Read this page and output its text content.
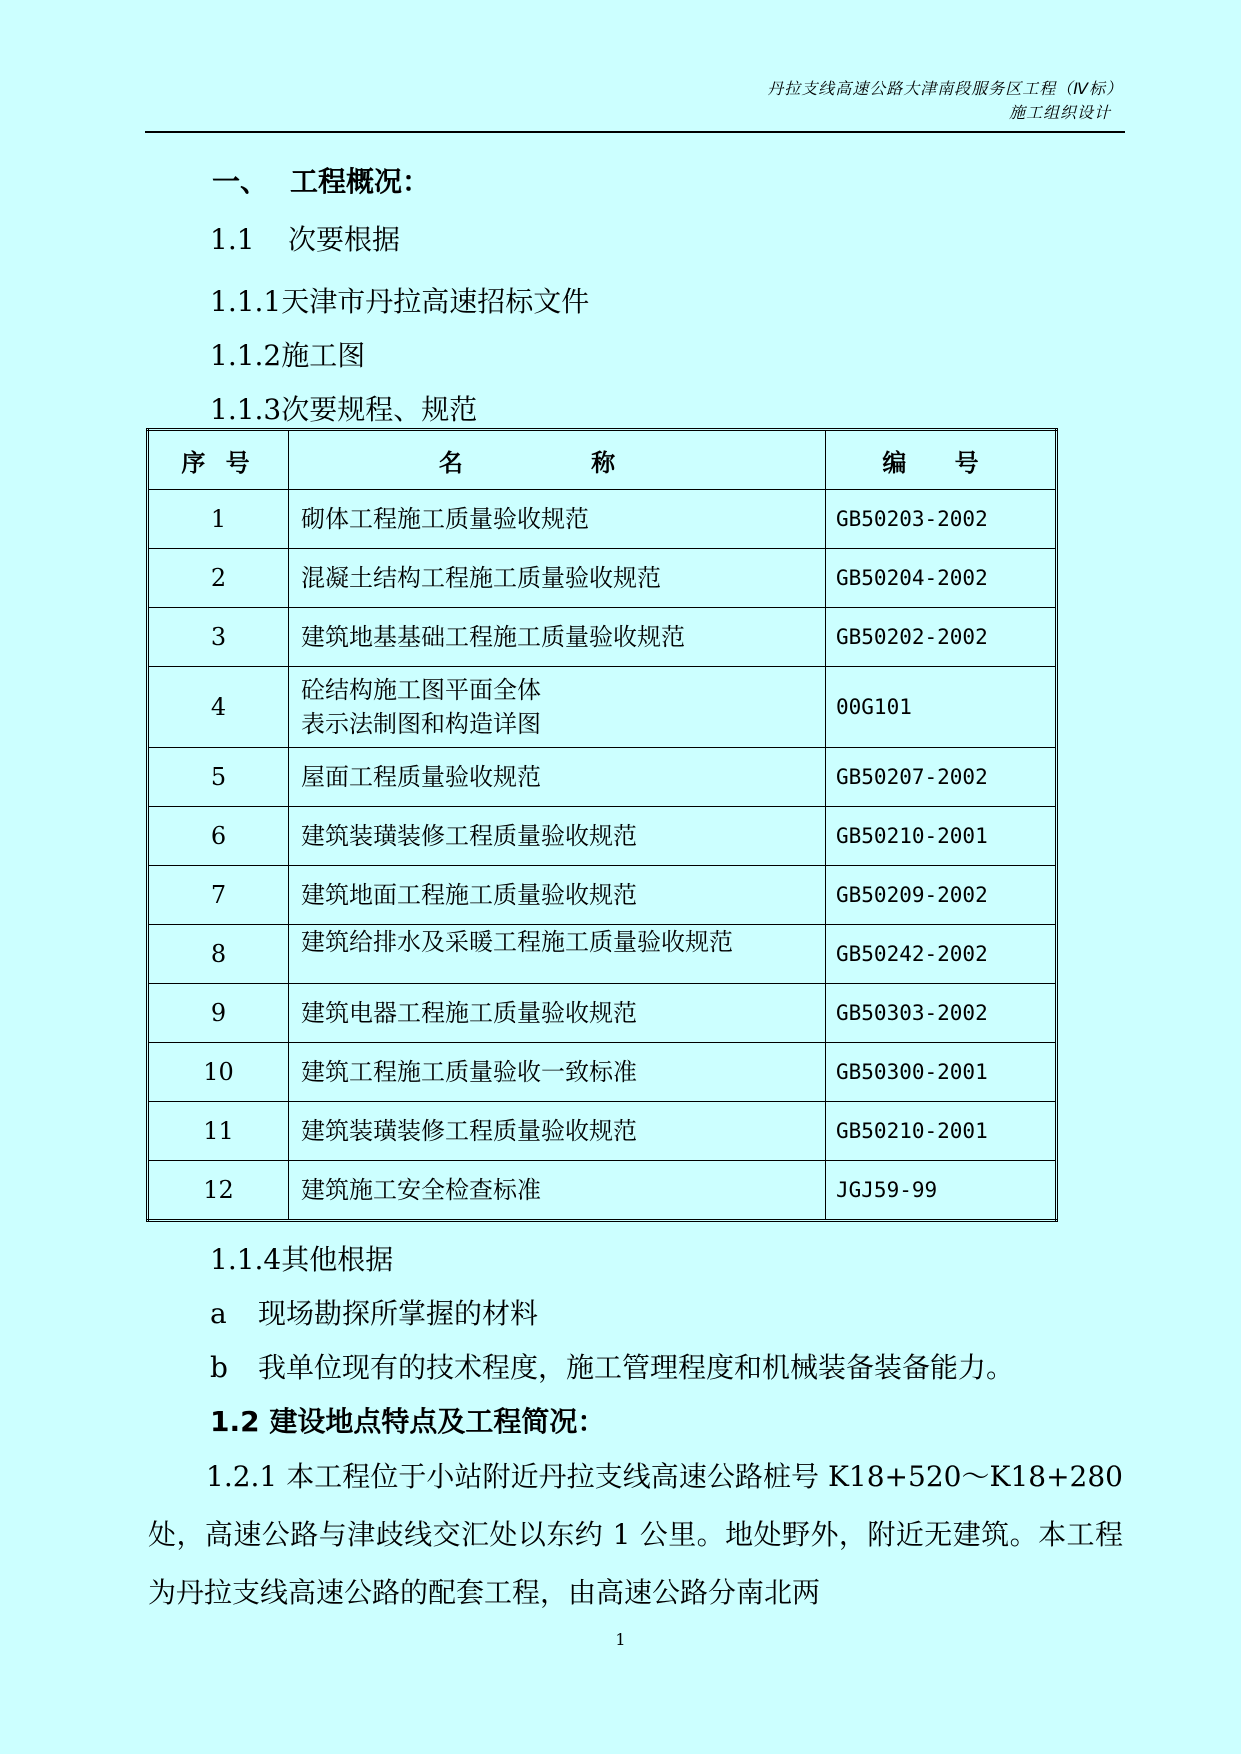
丹拉支线高速公路大津南段服务区工程（Ⅳ标）
施工组织设计
一、 工程概况：
1.1 次要根据
1.1.1天津市丹拉高速招标文件
1.1.2施工图
1.1.3次要规程、规范
序 号	名 称	编 号
1	砌体工程施工质量验收规范	GB50203-2002
2	混凝土结构工程施工质量验收规范	GB50204-2002
3	建筑地基基础工程施工质量验收规范	GB50202-2002
4	砼结构施工图平面全体
表示法制图和构造详图	00G101
5	屋面工程质量验收规范	GB50207-2002
6	建筑装璜装修工程质量验收规范	GB50210-2001
7	建筑地面工程施工质量验收规范	GB50209-2002
8	建筑给排水及采暖工程施工质量验收规范	GB50242-2002
9	建筑电器工程施工质量验收规范	GB50303-2002
10	建筑工程施工质量验收一致标准	GB50300-2001
11	建筑装璜装修工程质量验收规范	GB50210-2001
12	建筑施工安全检查标准	JGJ59-99
1.1.4其他根据
a 现场勘探所掌握的材料
b 我单位现有的技术程度，施工管理程度和机械装备装备能力。
1.2 建设地点特点及工程简况：
1.2.1 本工程位于小站附近丹拉支线高速公路桩号 K18+520～K18+280 处，高速公路与津歧线交汇处以东约 1 公里。地处野外，附近无建筑。本工程为丹拉支线高速公路的配套工程，由高速公路分南北两
1
